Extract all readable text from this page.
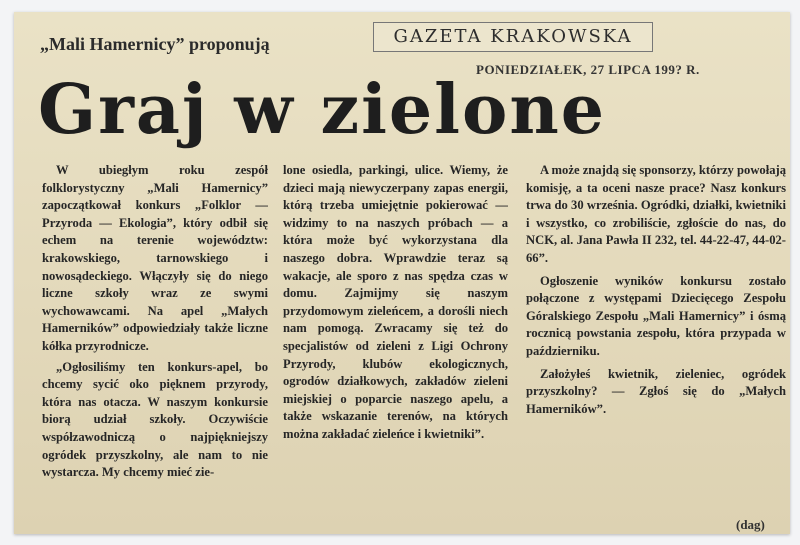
„Mali Hamernicy” proponują	GAZETA KRAKOWSKA
PONIEDZIAŁEK, 27 LIPCA 199? R.
Graj w zielone

W ubiegłym roku zespół folklorystyczny „Mali Hamernicy” zapoczątkował konkurs „Folklor — Przyroda — Ekologia”, który odbił się echem na terenie województw: krakowskiego, tarnowskiego i nowosądeckiego. Włączyły się do niego liczne szkoły wraz ze swymi wychowawcami. Na apel „Małych Hamerników” odpowiedziały także liczne kółka przyrodnicze.

„Ogłosiliśmy ten konkurs-apel, bo chcemy sycić oko pięknem przyrody, która nas otacza. W naszym konkursie biorą udział szkoły. Oczywiście współzawodniczą o najpiękniejszy ogródek przyszkolny, ale nam to nie wystarcza. My chcemy mieć zie-

lone osiedla, parkingi, ulice. Wiemy, że dzieci mają niewyczerpany zapas energii, którą trzeba umiejętnie pokierować — widzimy to na naszych próbach — a która może być wykorzystana dla naszego dobra. Wprawdzie teraz są wakacje, ale sporo z nas spędza czas w domu. Zajmijmy się naszym przydomowym zieleńcem, a dorośli niech nam pomogą. Zwracamy się też do specjalistów od zieleni z Ligi Ochrony Przyrody, klubów ekologicznych, ogrodów działkowych, zakładów zieleni miejskiej o poparcie naszego apelu, a także wskazanie terenów, na których można zakładać zieleńce i kwietniki”.

A może znajdą się sponsorzy, którzy powołają komisję, a ta oceni nasze prace? Nasz konkurs trwa do 30 września. Ogródki, działki, kwietniki i wszystko, co zrobiliście, zgłoście do nas, do NCK, al. Jana Pawła II 232, tel. 44-22-47, 44-02-66”.

Ogłoszenie wyników konkursu zostało połączone z występami Dziecięcego Zespołu Góralskiego Zespołu „Mali Hamernicy” i ósmą rocznicą powstania zespołu, która przypada w październiku.

Założyłeś kwietnik, zieleniec, ogródek przyszkolny? — Zgłoś się do „Małych Hamerników”.

(dag)
